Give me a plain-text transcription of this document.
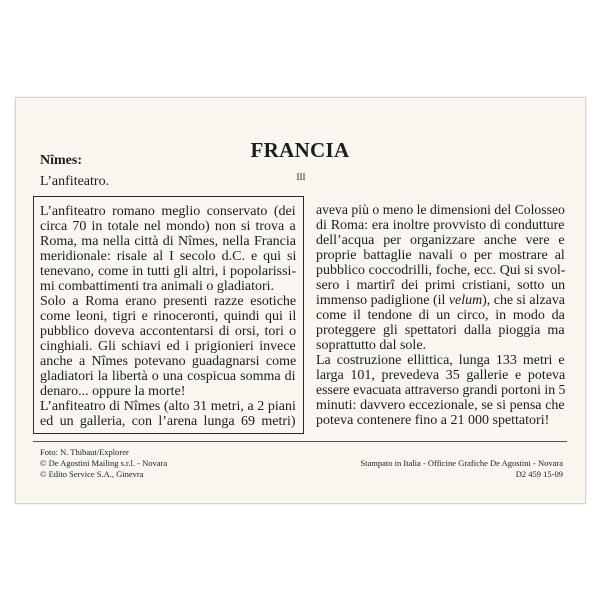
FRANCIA
III
Nîmes:
L’anfiteatro.
L’anfiteatro romano meglio conservato (dei
circa 70 in totale nel mondo) non si trova a
Roma, ma nella città di Nîmes, nella Francia
meridionale: risale al I secolo d.C. e qui si
tenevano, come in tutti gli altri, i popolarissi-
mi combattimenti tra animali o gladiatori.
Solo a Roma erano presenti razze esotiche
come leoni, tigri e rinoceronti, quindi qui il
pubblico doveva accontentarsi di orsi, tori o
cinghiali. Gli schiavi ed i prigionieri invece
anche a Nîmes potevano guadagnarsi come
gladiatori la libertà o una cospicua somma di
denaro... oppure la morte!
L’anfiteatro di Nîmes (alto 31 metri, a 2 piani
ed un galleria, con l’arena lunga 69 metri)
aveva più o meno le dimensioni del Colosseo
di Roma: era inoltre provvisto di condutture
dell’acqua per organizzare anche vere e
proprie battaglie navali o per mostrare al
pubblico coccodrilli, foche, ecc. Qui si svol-
sero i martirî dei primi cristiani, sotto un
immenso padiglione (il velum), che si alzava
come il tendone di un circo, in modo da
proteggere gli spettatori dalla pioggia ma
soprattutto dal sole.
La costruzione ellittica, lunga 133 metri e
larga 101, prevedeva 35 gallerie e poteva
essere evacuata attraverso grandi portoni in 5
minuti: davvero eccezionale, se si pensa che
poteva contenere fino a 21 000 spettatori!
Foto: N. Thibaut/Explorer
© De Agostini Mailing s.r.l. - Novara
© Edito Service S.A., Ginevra
Stampato in Italia - Officine Grafiche De Agostini - Novara
D2 459 15-09
